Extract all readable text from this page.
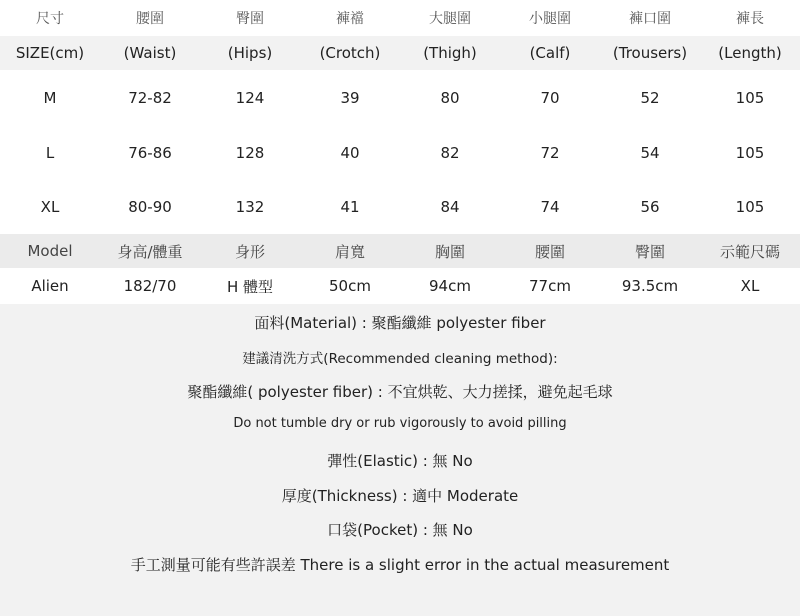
尺寸	腰圍	臀圍	褲襠	大腿圍	小腿圍	褲口圍	褲長
SIZE(cm)	(Waist)	(Hips)	(Crotch)	(Thigh)	(Calf)	(Trousers)	(Length)
M	72-82	124	39	80	70	52	105
L	76-86	128	40	82	72	54	105
XL	80-90	132	41	84	74	56	105
Model	身高/體重	身形	肩寬	胸圍	腰圍	臀圍	示範尺碼
Alien	182/70	H 體型	50cm	94cm	77cm	93.5cm	XL
面料(Material) : 聚酯纖維 polyester fiber
建議清洗方式(Recommended cleaning method):
聚酯纖維( polyester fiber) : 不宜烘乾、大力搓揉，避免起毛球
Do not tumble dry or rub vigorously to avoid pilling
彈性(Elastic) : 無 No
厚度(Thickness) : 適中 Moderate
口袋(Pocket) : 無 No
手工測量可能有些許誤差 There is a slight error in the actual measurement
